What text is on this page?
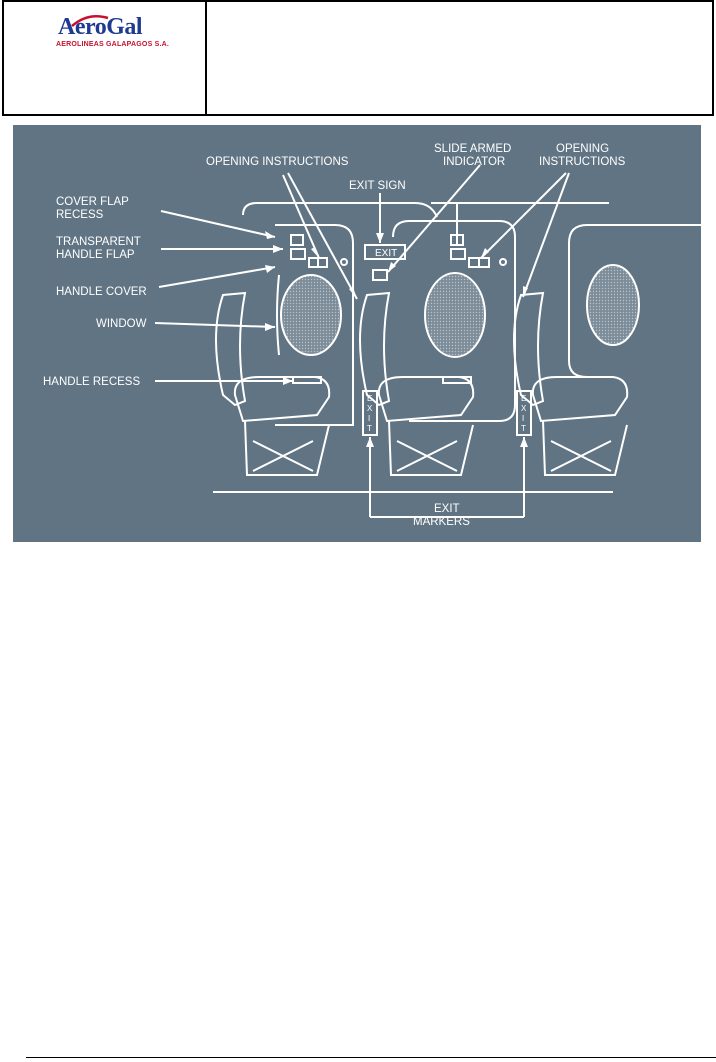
AeroGal
AEROLINEAS GALAPAGOS S.A.
OPENING INSTRUCTIONS
COVER FLAP
RECESS
TRANSPARENT
HANDLE FLAP
HANDLE COVER
WINDOW
HANDLE RECESS
EXIT SIGN
EXIT
SLIDE ARMED
INDICATOR
OPENING
INSTRUCTIONS
EXIT
MARKERS
E
X
I
T
E
X
I
T
